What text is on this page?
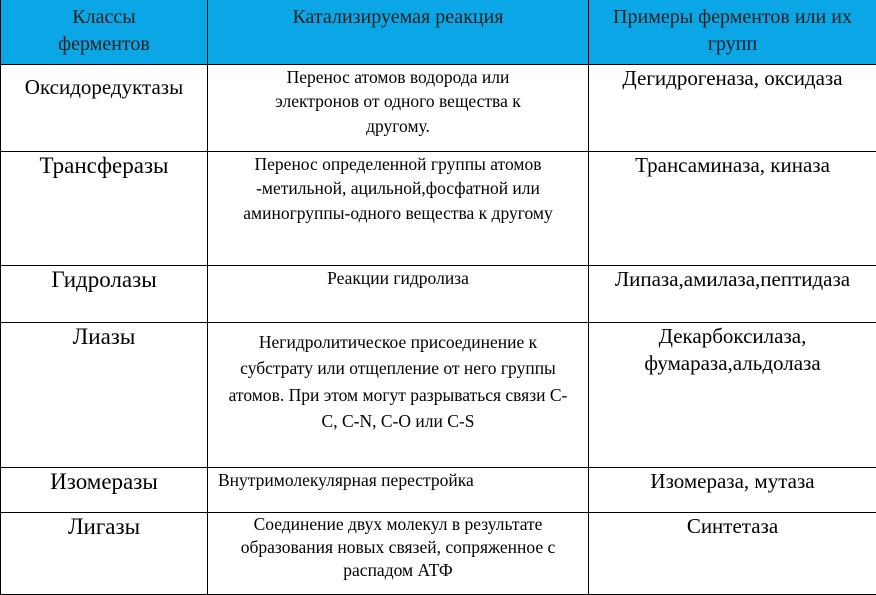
Классы ферментов	Катализируемая реакция	Примеры ферментов или их групп

Оксидоредуктазы	Перенос атомов водорода или электронов от одного вещества к другому.	Дегидрогеназа, оксидаза
Трансферазы	Перенос определенной группы атомов -метильной, ацильной,фосфатной или аминогруппы-одного вещества к другому	Трансаминаза, киназа
Гидролазы	Реакции гидролиза	Липаза,амилаза,пептидаза
Лиазы	Негидролитическое присоединение к субстрату или отщепление от него группы атомов. При этом могут разрываться связи С-С, C-N, С-О или C-S	Декарбоксилаза, фумараза,альдолаза

Изомеразы	Внутримолекулярная перестройка	Изомераза, мутаза
Лигазы	Соединение двух молекул в результате образования новых связей, сопряженное с распадом АТФ	Синтетаза
